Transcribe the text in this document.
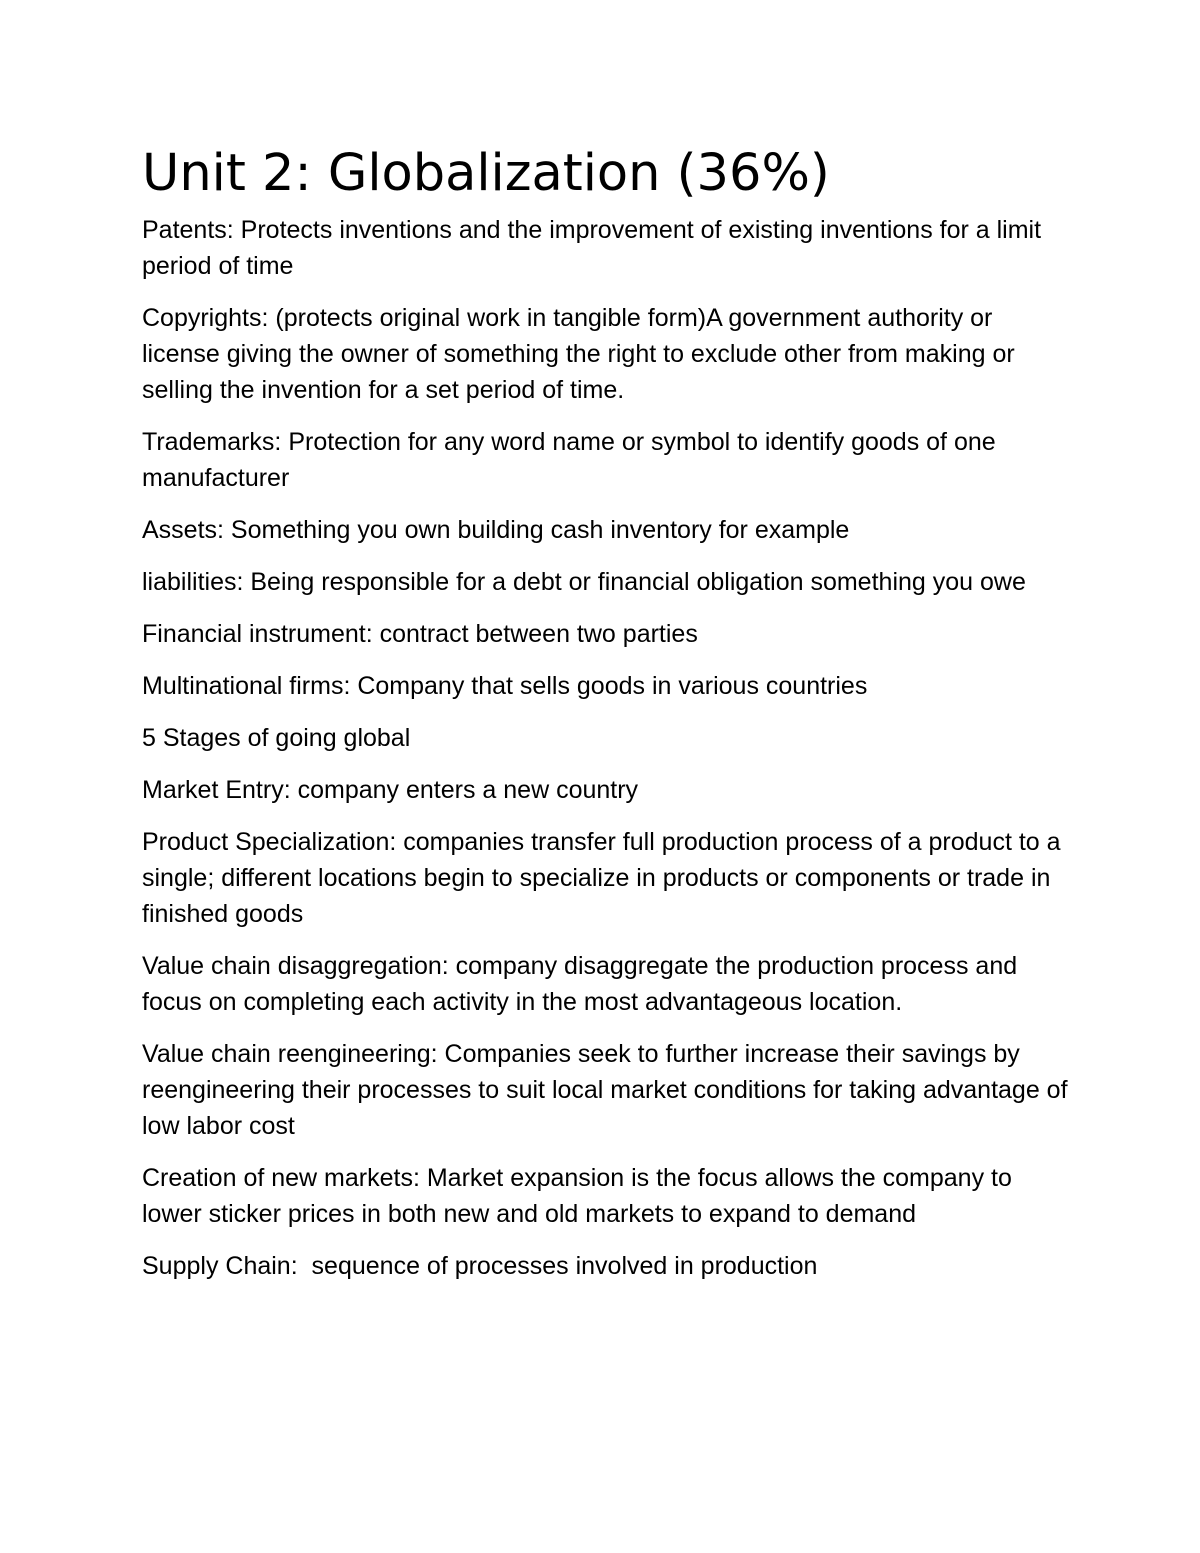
Unit 2: Globalization (36%)

Patents: Protects inventions and the improvement of existing inventions for a limit period of time

Copyrights: (protects original work in tangible form)A government authority or license giving the owner of something the right to exclude other from making or selling the invention for a set period of time.

Trademarks: Protection for any word name or symbol to identify goods of one manufacturer

Assets: Something you own building cash inventory for example

liabilities: Being responsible for a debt or financial obligation something you owe

Financial instrument: contract between two parties

Multinational firms: Company that sells goods in various countries

5 Stages of going global

Market Entry: company enters a new country

Product Specialization: companies transfer full production process of a product to a single; different locations begin to specialize in products or components or trade in finished goods

Value chain disaggregation: company disaggregate the production process and focus on completing each activity in the most advantageous location.

Value chain reengineering: Companies seek to further increase their savings by reengineering their processes to suit local market conditions for taking advantage of low labor cost

Creation of new markets: Market expansion is the focus allows the company to lower sticker prices in both new and old markets to expand to demand

Supply Chain:  sequence of processes involved in production
